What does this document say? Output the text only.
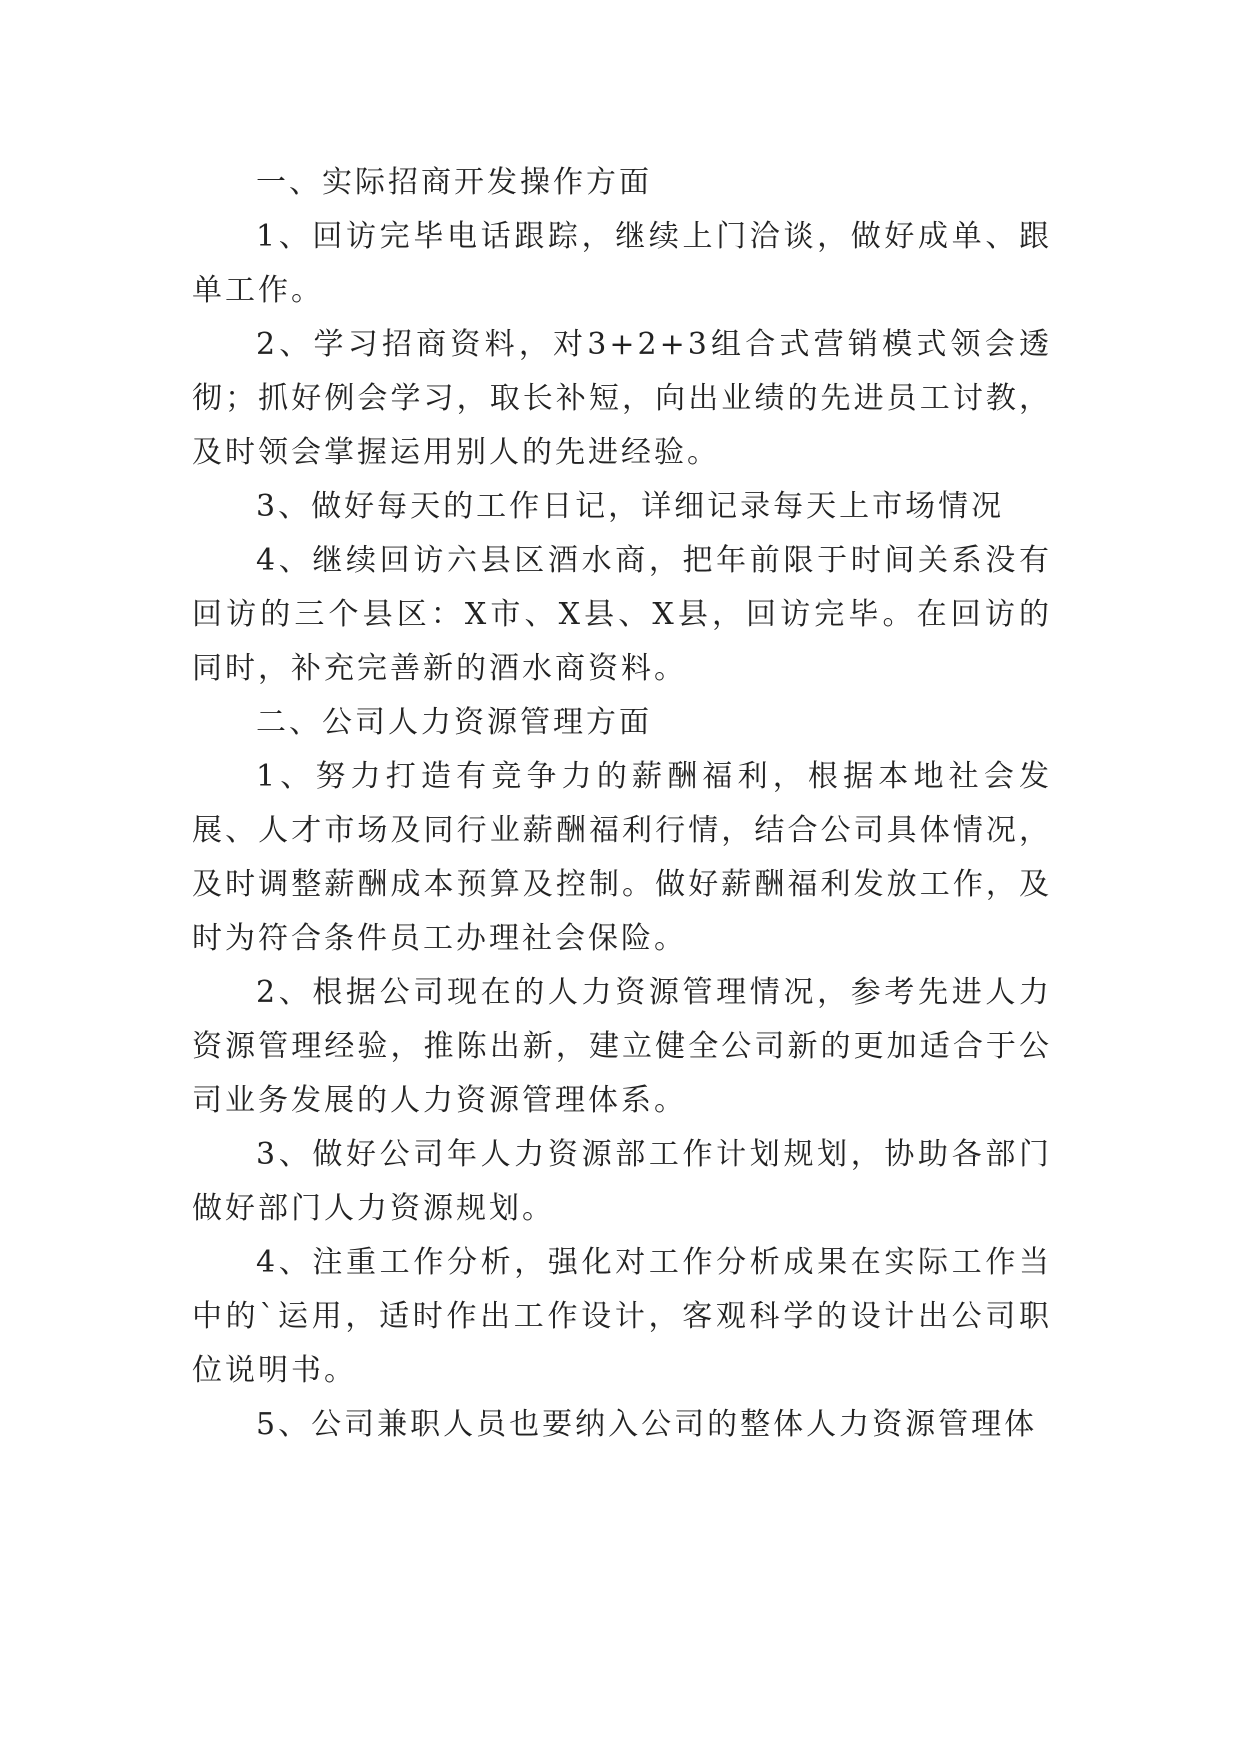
一、实际招商开发操作方面

1、回访完毕电话跟踪，继续上门洽谈，做好成单、跟单工作。

2、学习招商资料，对3+2+3组合式营销模式领会透彻；抓好例会学习，取长补短，向出业绩的先进员工讨教，及时领会掌握运用别人的先进经验。

3、做好每天的工作日记，详细记录每天上市场情况

4、继续回访六县区酒水商，把年前限于时间关系没有回访的三个县区：X市、X县、X县，回访完毕。在回访的同时，补充完善新的酒水商资料。

二、公司人力资源管理方面

1、努力打造有竞争力的薪酬福利，根据本地社会发展、人才市场及同行业薪酬福利行情，结合公司具体情况，及时调整薪酬成本预算及控制。做好薪酬福利发放工作，及时为符合条件员工办理社会保险。

2、根据公司现在的人力资源管理情况，参考先进人力资源管理经验，推陈出新，建立健全公司新的更加适合于公司业务发展的人力资源管理体系。

3、做好公司年人力资源部工作计划规划，协助各部门做好部门人力资源规划。

4、注重工作分析，强化对工作分析成果在实际工作当中的`运用，适时作出工作设计，客观科学的设计出公司职位说明书。

5、公司兼职人员也要纳入公司的整体人力资源管理体
